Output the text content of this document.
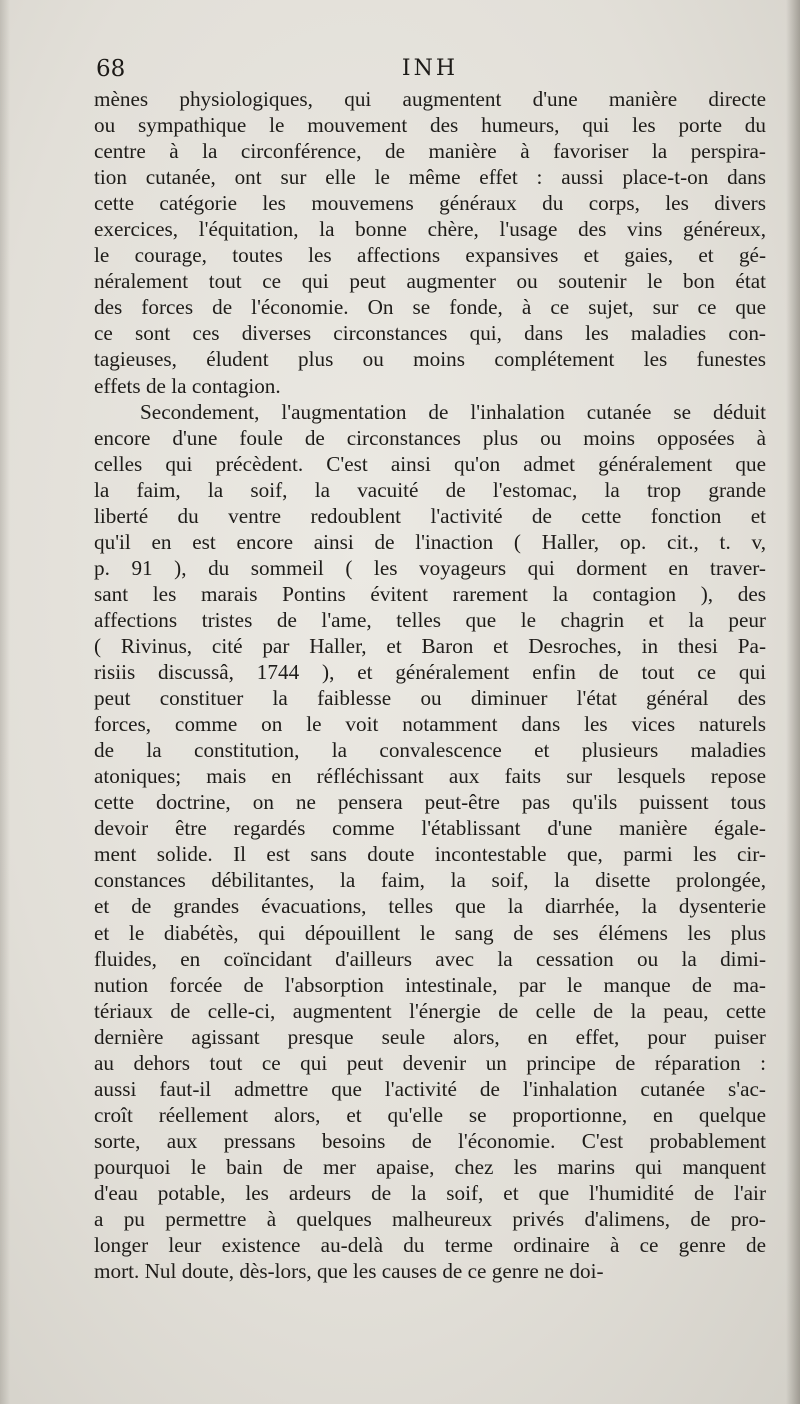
68	INH
mènes physiologiques, qui augmentent d'une manière directe
ou sympathique le mouvement des humeurs, qui les porte du
centre à la circonférence, de manière à favoriser la perspira-
tion cutanée, ont sur elle le même effet : aussi place-t-on dans
cette catégorie les mouvemens généraux du corps, les divers
exercices, l'équitation, la bonne chère, l'usage des vins généreux,
le courage, toutes les affections expansives et gaies, et gé-
néralement tout ce qui peut augmenter ou soutenir le bon état
des forces de l'économie. On se fonde, à ce sujet, sur ce que
ce sont ces diverses circonstances qui, dans les maladies con-
tagieuses, éludent plus ou moins complétement les funestes
effets de la contagion.
Secondement, l'augmentation de l'inhalation cutanée se déduit
encore d'une foule de circonstances plus ou moins opposées à
celles qui précèdent. C'est ainsi qu'on admet généralement que
la faim, la soif, la vacuité de l'estomac, la trop grande
liberté du ventre redoublent l'activité de cette fonction et
qu'il en est encore ainsi de l'inaction ( Haller, op. cit., t. v,
p. 91 ), du sommeil ( les voyageurs qui dorment en traver-
sant les marais Pontins évitent rarement la contagion ), des
affections tristes de l'ame, telles que le chagrin et la peur
( Rivinus, cité par Haller, et Baron et Desroches, in thesi Pa-
risiis discussâ, 1744 ), et généralement enfin de tout ce qui
peut constituer la faiblesse ou diminuer l'état général des
forces, comme on le voit notamment dans les vices naturels
de la constitution, la convalescence et plusieurs maladies
atoniques; mais en réfléchissant aux faits sur lesquels repose
cette doctrine, on ne pensera peut-être pas qu'ils puissent tous
devoir être regardés comme l'établissant d'une manière égale-
ment solide. Il est sans doute incontestable que, parmi les cir-
constances débilitantes, la faim, la soif, la disette prolongée,
et de grandes évacuations, telles que la diarrhée, la dysenterie
et le diabétès, qui dépouillent le sang de ses élémens les plus
fluides, en coïncidant d'ailleurs avec la cessation ou la dimi-
nution forcée de l'absorption intestinale, par le manque de ma-
tériaux de celle-ci, augmentent l'énergie de celle de la peau, cette
dernière agissant presque seule alors, en effet, pour puiser
au dehors tout ce qui peut devenir un principe de réparation :
aussi faut-il admettre que l'activité de l'inhalation cutanée s'ac-
croît réellement alors, et qu'elle se proportionne, en quelque
sorte, aux pressans besoins de l'économie. C'est probablement
pourquoi le bain de mer apaise, chez les marins qui manquent
d'eau potable, les ardeurs de la soif, et que l'humidité de l'air
a pu permettre à quelques malheureux privés d'alimens, de pro-
longer leur existence au-delà du terme ordinaire à ce genre de
mort. Nul doute, dès-lors, que les causes de ce genre ne doi-
